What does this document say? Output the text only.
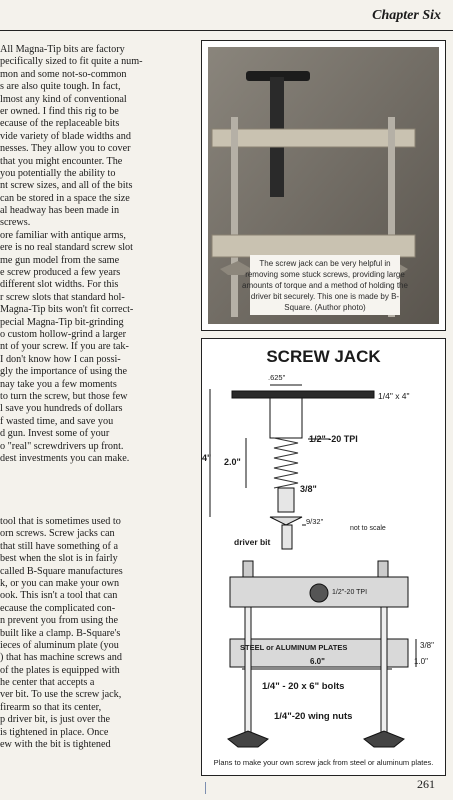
Chapter Six
All Magna-Tip bits are factory
pecifically sized to fit quite a num-
mon and some not-so-common
s are also quite tough. In fact,
lmost any kind of conventional
er owned. I find this rig to be
ecause of the replaceable bits
vide variety of blade widths and
nesses. They allow you to cover
that you might encounter. The
you potentially the ability to
nt screw sizes, and all of the bits
can be stored in a space the size
al headway has been made in
screws.
ore familiar with antique arms,
ere is no real standard screw slot
me gun model from the same
e screw produced a few years
different slot widths. For this
r screw slots that standard hol-
Magna-Tip bits won't fit correct-
pecial Magna-Tip bit-grinding
o custom hollow-grind a larger
nt of your screw. If you are tak-
I don't know how I can possi-
gly the importance of using the
nay take you a few moments
to turn the screw, but those few
l save you hundreds of dollars
f wasted time, and save you
d gun. Invest some of your
o "real" screwdrivers up front.
dest investments you can make.
tool that is sometimes used to
orn screws. Screw jacks can
that still have something of a
best when the slot is in fairly
called B-Square manufactures
k, or you can make your own
ook. This isn't a tool that can
ecause the complicated con-
n prevent you from using the
built like a clamp. B-Square's
ieces of aluminum plate (you
) that has machine screws and
of the plates is equipped with
he center that accepts a
ver bit. To use the screw jack,
firearm so that its center,
p driver bit, is just over the
is tightened in place. Once
ew with the bit is tightened
The screw jack can be very helpful in removing some stuck screws, providing large amounts of torque and a method of holding the driver bit securely. This one is made by B-Square. (Author photo)
SCREW JACK
.625"
1/4" x 4"
1/2" -20 TPI
2.0"
4"
3/8"
9/32"
not to scale
driver bit
1/2"-20 TPI
STEEL or ALUMINUM PLATES
6.0"
3/8"
1.0"
1/4" - 20 x 6" bolts
1/4"-20 wing nuts
Plans to make your own screw jack from steel or aluminum plates.
261
